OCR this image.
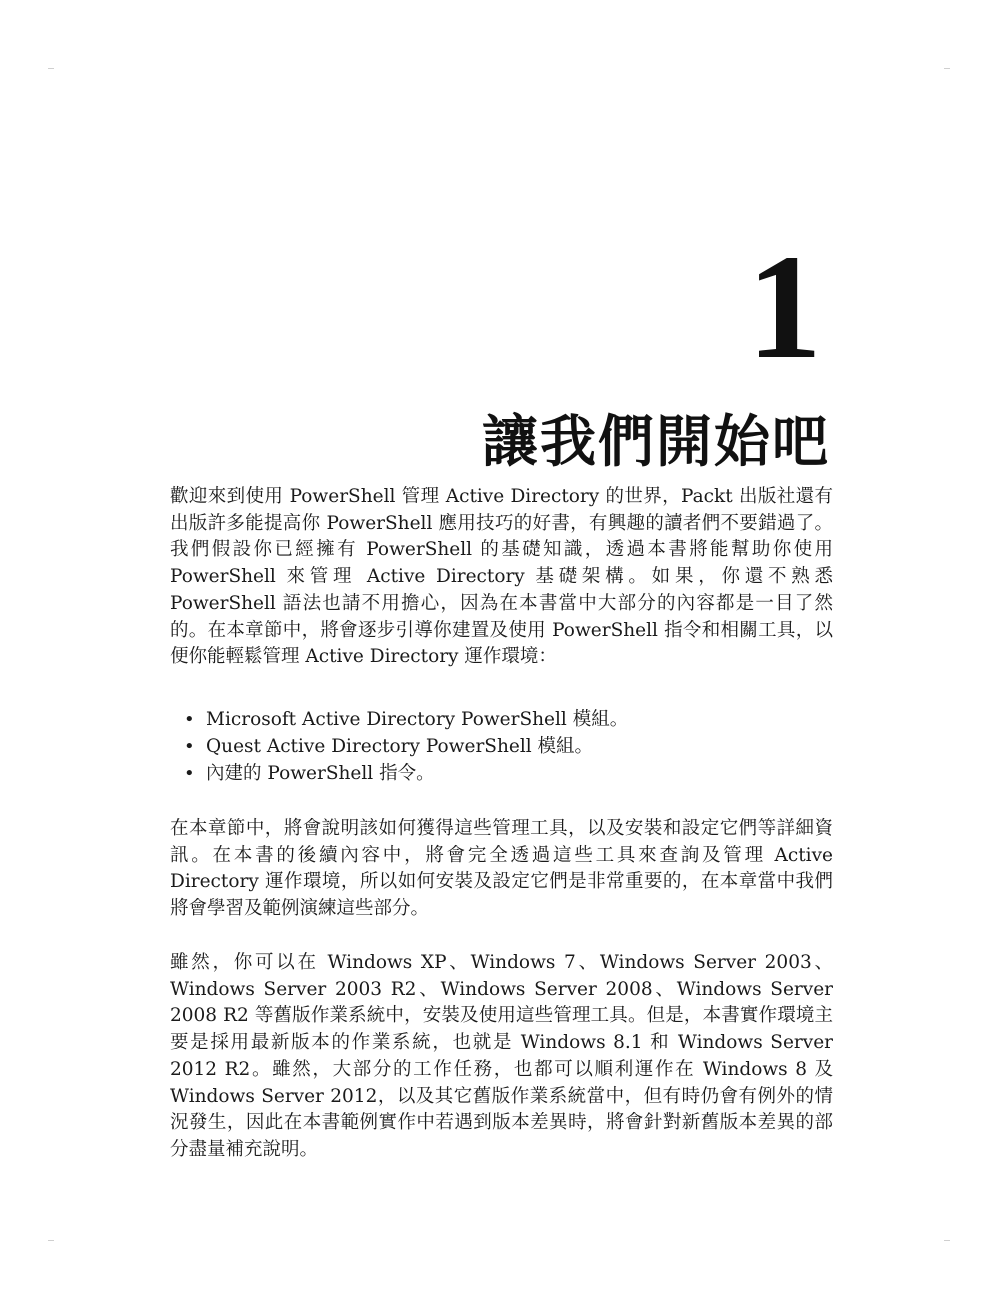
1
讓我們開始吧

歡迎來到使用 PowerShell 管理 Active Directory 的世界，Packt 出版社還有出版許多能提高你 PowerShell 應用技巧的好書，有興趣的讀者們不要錯過了。我們假設你已經擁有 PowerShell 的基礎知識，透過本書將能幫助你使用 PowerShell 來管理 Active Directory 基礎架構。如果，你還不熟悉 PowerShell 語法也請不用擔心，因為在本書當中大部分的內容都是一目了然的。在本章節中，將會逐步引導你建置及使用 PowerShell 指令和相關工具，以便你能輕鬆管理 Active Directory 運作環境：

• Microsoft Active Directory PowerShell 模組。
• Quest Active Directory PowerShell 模組。
• 內建的 PowerShell 指令。

在本章節中，將會說明該如何獲得這些管理工具，以及安裝和設定它們等詳細資訊。在本書的後續內容中，將會完全透過這些工具來查詢及管理 Active Directory 運作環境，所以如何安裝及設定它們是非常重要的，在本章當中我們將會學習及範例演練這些部分。

雖然，你可以在 Windows XP、Windows 7、Windows Server 2003、Windows Server 2003 R2、Windows Server 2008、Windows Server 2008 R2 等舊版作業系統中，安裝及使用這些管理工具。但是，本書實作環境主要是採用最新版本的作業系統，也就是 Windows 8.1 和 Windows Server 2012 R2。雖然，大部分的工作任務，也都可以順利運作在 Windows 8 及 Windows Server 2012，以及其它舊版作業系統當中，但有時仍會有例外的情況發生，因此在本書範例實作中若遇到版本差異時，將會針對新舊版本差異的部分盡量補充說明。
